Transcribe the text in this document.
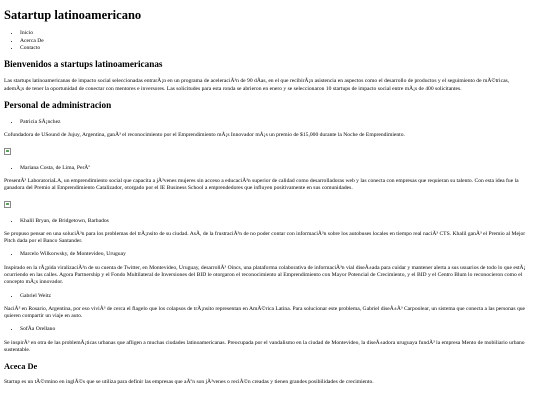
Satartup latinoamericano
• Inicio
• Acerca De
• Contacto
Bienvenidos a startups latinoamericanas

Las startups latinoamericanas de impacto social seleccionadas entrarÃ¡n en un programa de aceleraciÃ³n de 90 dÃas, en el que recibirÃ¡n asistencia en aspectos como el desarrollo de productos y el seguimiento de mÃ©tricas, ademÃ¡s de tener la oportunidad de conectar con mentores e inversores. Las solicitudes para esta ronda se abrieron en enero y se seleccionaron 10 startups de impacto social entre mÃ¡s de 400 solicitantes.

Personal de administracion
• Patricia SÃ¡nchez

Cofundadora de USound de Jujuy, Argentina, ganÃ³ el reconocimiento por el Emprendimiento mÃ¡s Innovador mÃ¡s un premio de $15,000 durante la Noche de Emprendimiento.

• Mariana Costa, de Lima, PerÃº

PresentÃ³ LaboratoriaLA, un emprendimiento social que capacita a jÃ³venes mujeres sin acceso a educaciÃ³n superior de calidad como desarrolladoras web y las conecta con empresas que requieran su talento. Con esta idea fue la ganadora del Premio al Emprendimiento Catalizador, otorgado por el IE Business School a emprendedores que influyen positivamente en sus comunidades.

• Khalil Bryan, de Bridgetown, Barbados

Se propuso pensar en una soluciÃ³n para los problemas del trÃ¡nsito de su ciudad. AsÃ, de la frustraciÃ³n de no poder contar con informaciÃ³n sobre los autobuses locales en tiempo real naciÃ³ CTS. Khalil ganÃ³ el Premio al Mejor Pitch dada por el Banco Santander.

• Marcelo Wilkorwsky, de Montevideo, Uruguay

Inspirado en la rÃ¡pida viralizaciÃ³n de su cuenta de Twitter, en Montevideo, Uruguay, desarrollÃ³ Oincs, una plataforma colaborativa de informaciÃ³n vial diseÃ±ada para cuidar y mantener alerta a sus usuarios de todo lo que estÃ¡ ocurriendo en las calles. Agora Partnership y el Fondo Multilateral de Inversiones del BID le otorgaron el reconocimiento al Emprendimiento con Mayor Potencial de Crecimiento, y el BID y el Centro Blum lo reconocieron como el concepto mÃ¡s innovador.

• Gabriel Weitz

NaciÃ³ en Rosario, Argentina, por eso viviÃ³ de cerca el flagelo que los colapsos de trÃ¡nsito representan en AmÃ©rica Latina. Para solucionar este problema, Gabriel diseÃ±Ã³ Carpoolear, un sistema que conecta a las personas que quieren compartir un viaje en auto.

• SofÃa Orellano

Se inspirÃ³ en otra de las problemÃ¡ticas urbanas que afligen a muchas ciudades latinoamericanas. Preocupada por el vandalismo en la ciudad de Montevideo, la diseÃ±adora uruguaya fundÃ³ la empresa Mento de mobiliario urbano sustentable.

Aceca De

Startup es un tÃ©rmino en inglÃ©s que se utiliza para definir las empresas que aÃºn son jÃ³venes o reciÃ©n creadas y tienen grandes posibilidades de crecimiento.
